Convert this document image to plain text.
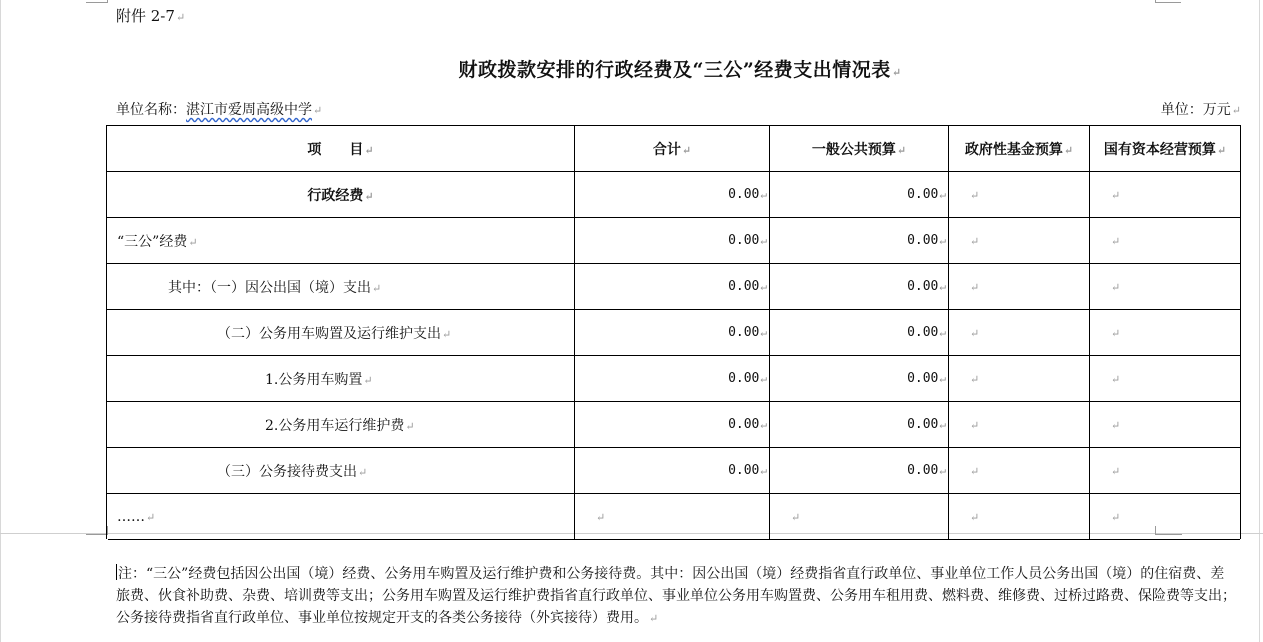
附件 2-7↵
财政拨款安排的行政经费及“三公”经费支出情况表↵
单位名称：湛江市爱周高级中学↵	单位：万元↵
项　　目↵	合计↵	一般公共预算↵	政府性基金预算↵	国有资本经营预算↵
行政经费↵	0.00↵	0.00↵	↵	↵
“三公”经费↵	0.00↵	0.00↵	↵	↵
其中：（一）因公出国（境）支出↵	0.00↵	0.00↵	↵	↵
（二）公务用车购置及运行维护支出↵	0.00↵	0.00↵	↵	↵
1.公务用车购置↵	0.00↵	0.00↵	↵	↵
2.公务用车运行维护费↵	0.00↵	0.00↵	↵	↵
（三）公务接待费支出↵	0.00↵	0.00↵	↵	↵
……↵	↵	↵	↵	↵
注：“三公”经费包括因公出国（境）经费、公务用车购置及运行维护费和公务接待费。其中：因公出国（境）经费指省直行政单位、事业单位工作人员公务出国（境）的住宿费、差旅费、伙食补助费、杂费、培训费等支出；公务用车购置及运行维护费指省直行政单位、事业单位公务用车购置费、公务用车租用费、燃料费、维修费、过桥过路费、保险费等支出；公务接待费指省直行政单位、事业单位按规定开支的各类公务接待（外宾接待）费用。↵
